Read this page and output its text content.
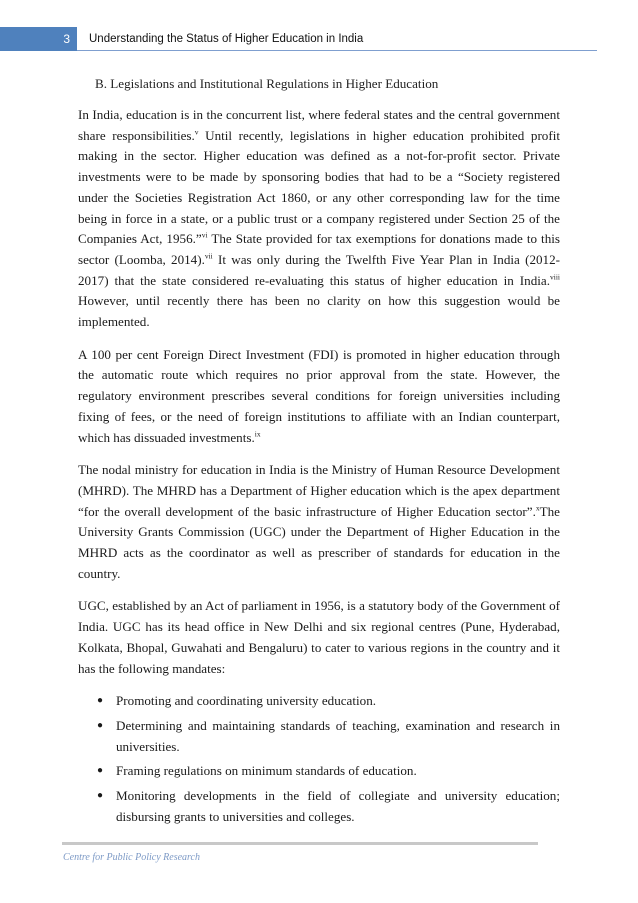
3	Understanding the Status of Higher Education in India

B. Legislations and Institutional Regulations in Higher Education

In India, education is in the concurrent list, where federal states and the central government share responsibilities.$^v$ Until recently, legislations in higher education prohibited profit making in the sector. Higher education was defined as a not-for-profit sector. Private investments were to be made by sponsoring bodies that had to be a “Society registered under the Societies Registration Act 1860, or any other corresponding law for the time being in force in a state, or a public trust or a company registered under Section 25 of the Companies Act, 1956.”$^{vi}$ The State provided for tax exemptions for donations made to this sector (Loomba, 2014).$^{vii}$ It was only during the Twelfth Five Year Plan in India (2012-2017) that the state considered re-evaluating this status of higher education in India.$^{viii}$ However, until recently there has been no clarity on how this suggestion would be implemented.

A 100 per cent Foreign Direct Investment (FDI) is promoted in higher education through the automatic route which requires no prior approval from the state. However, the regulatory environment prescribes several conditions for foreign universities including fixing of fees, or the need of foreign institutions to affiliate with an Indian counterpart, which has dissuaded investments.$^{ix}$

The nodal ministry for education in India is the Ministry of Human Resource Development (MHRD). The MHRD has a Department of Higher education which is the apex department “for the overall development of the basic infrastructure of Higher Education sector”.$^x$The University Grants Commission (UGC) under the Department of Higher Education in the MHRD acts as the coordinator as well as prescriber of standards for education in the country.

UGC, established by an Act of parliament in 1956, is a statutory body of the Government of India. UGC has its head office in New Delhi and six regional centres (Pune, Hyderabad, Kolkata, Bhopal, Guwahati and Bengaluru) to cater to various regions in the country and it has the following mandates:

● Promoting and coordinating university education.
● Determining and maintaining standards of teaching, examination and research in universities.
● Framing regulations on minimum standards of education.
● Monitoring developments in the field of collegiate and university education; disbursing grants to universities and colleges.
Centre for Public Policy Research
